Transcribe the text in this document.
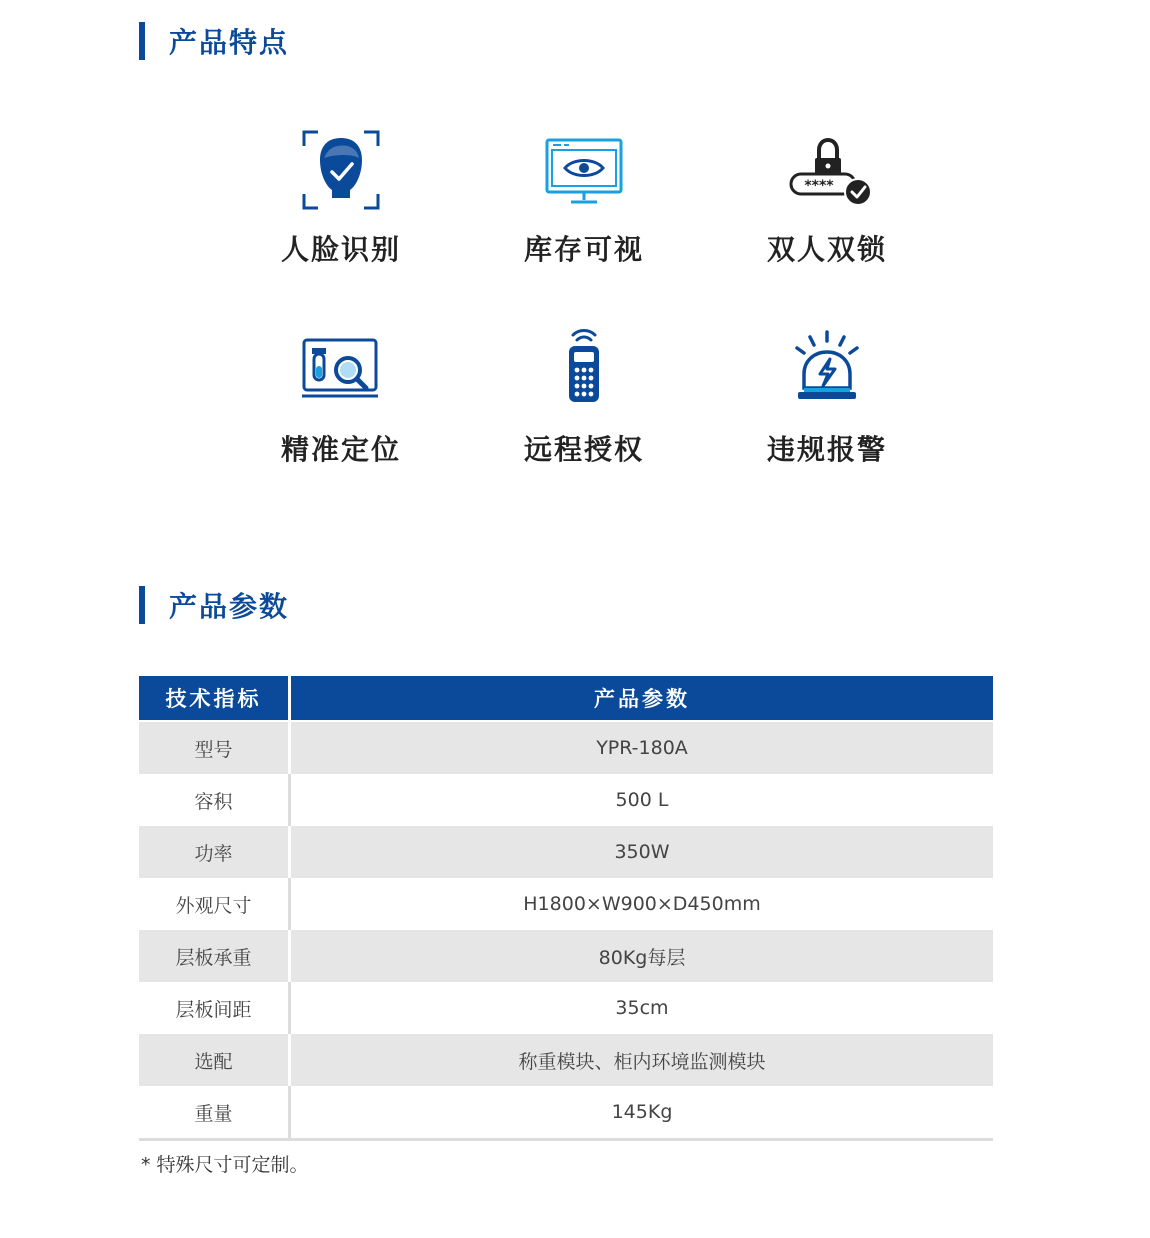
产品特点
人脸识别	库存可视
****
双人双锁
精准定位	远程授权	违规报警
产品参数
技术指标	产品参数
型号	YPR-180A
容积	500 L
功率	350W
外观尺寸	H1800×W900×D450mm
层板承重	80Kg每层
层板间距	35cm
选配	称重模块、柜内环境监测模块
重量	145Kg
* 特殊尺寸可定制。
